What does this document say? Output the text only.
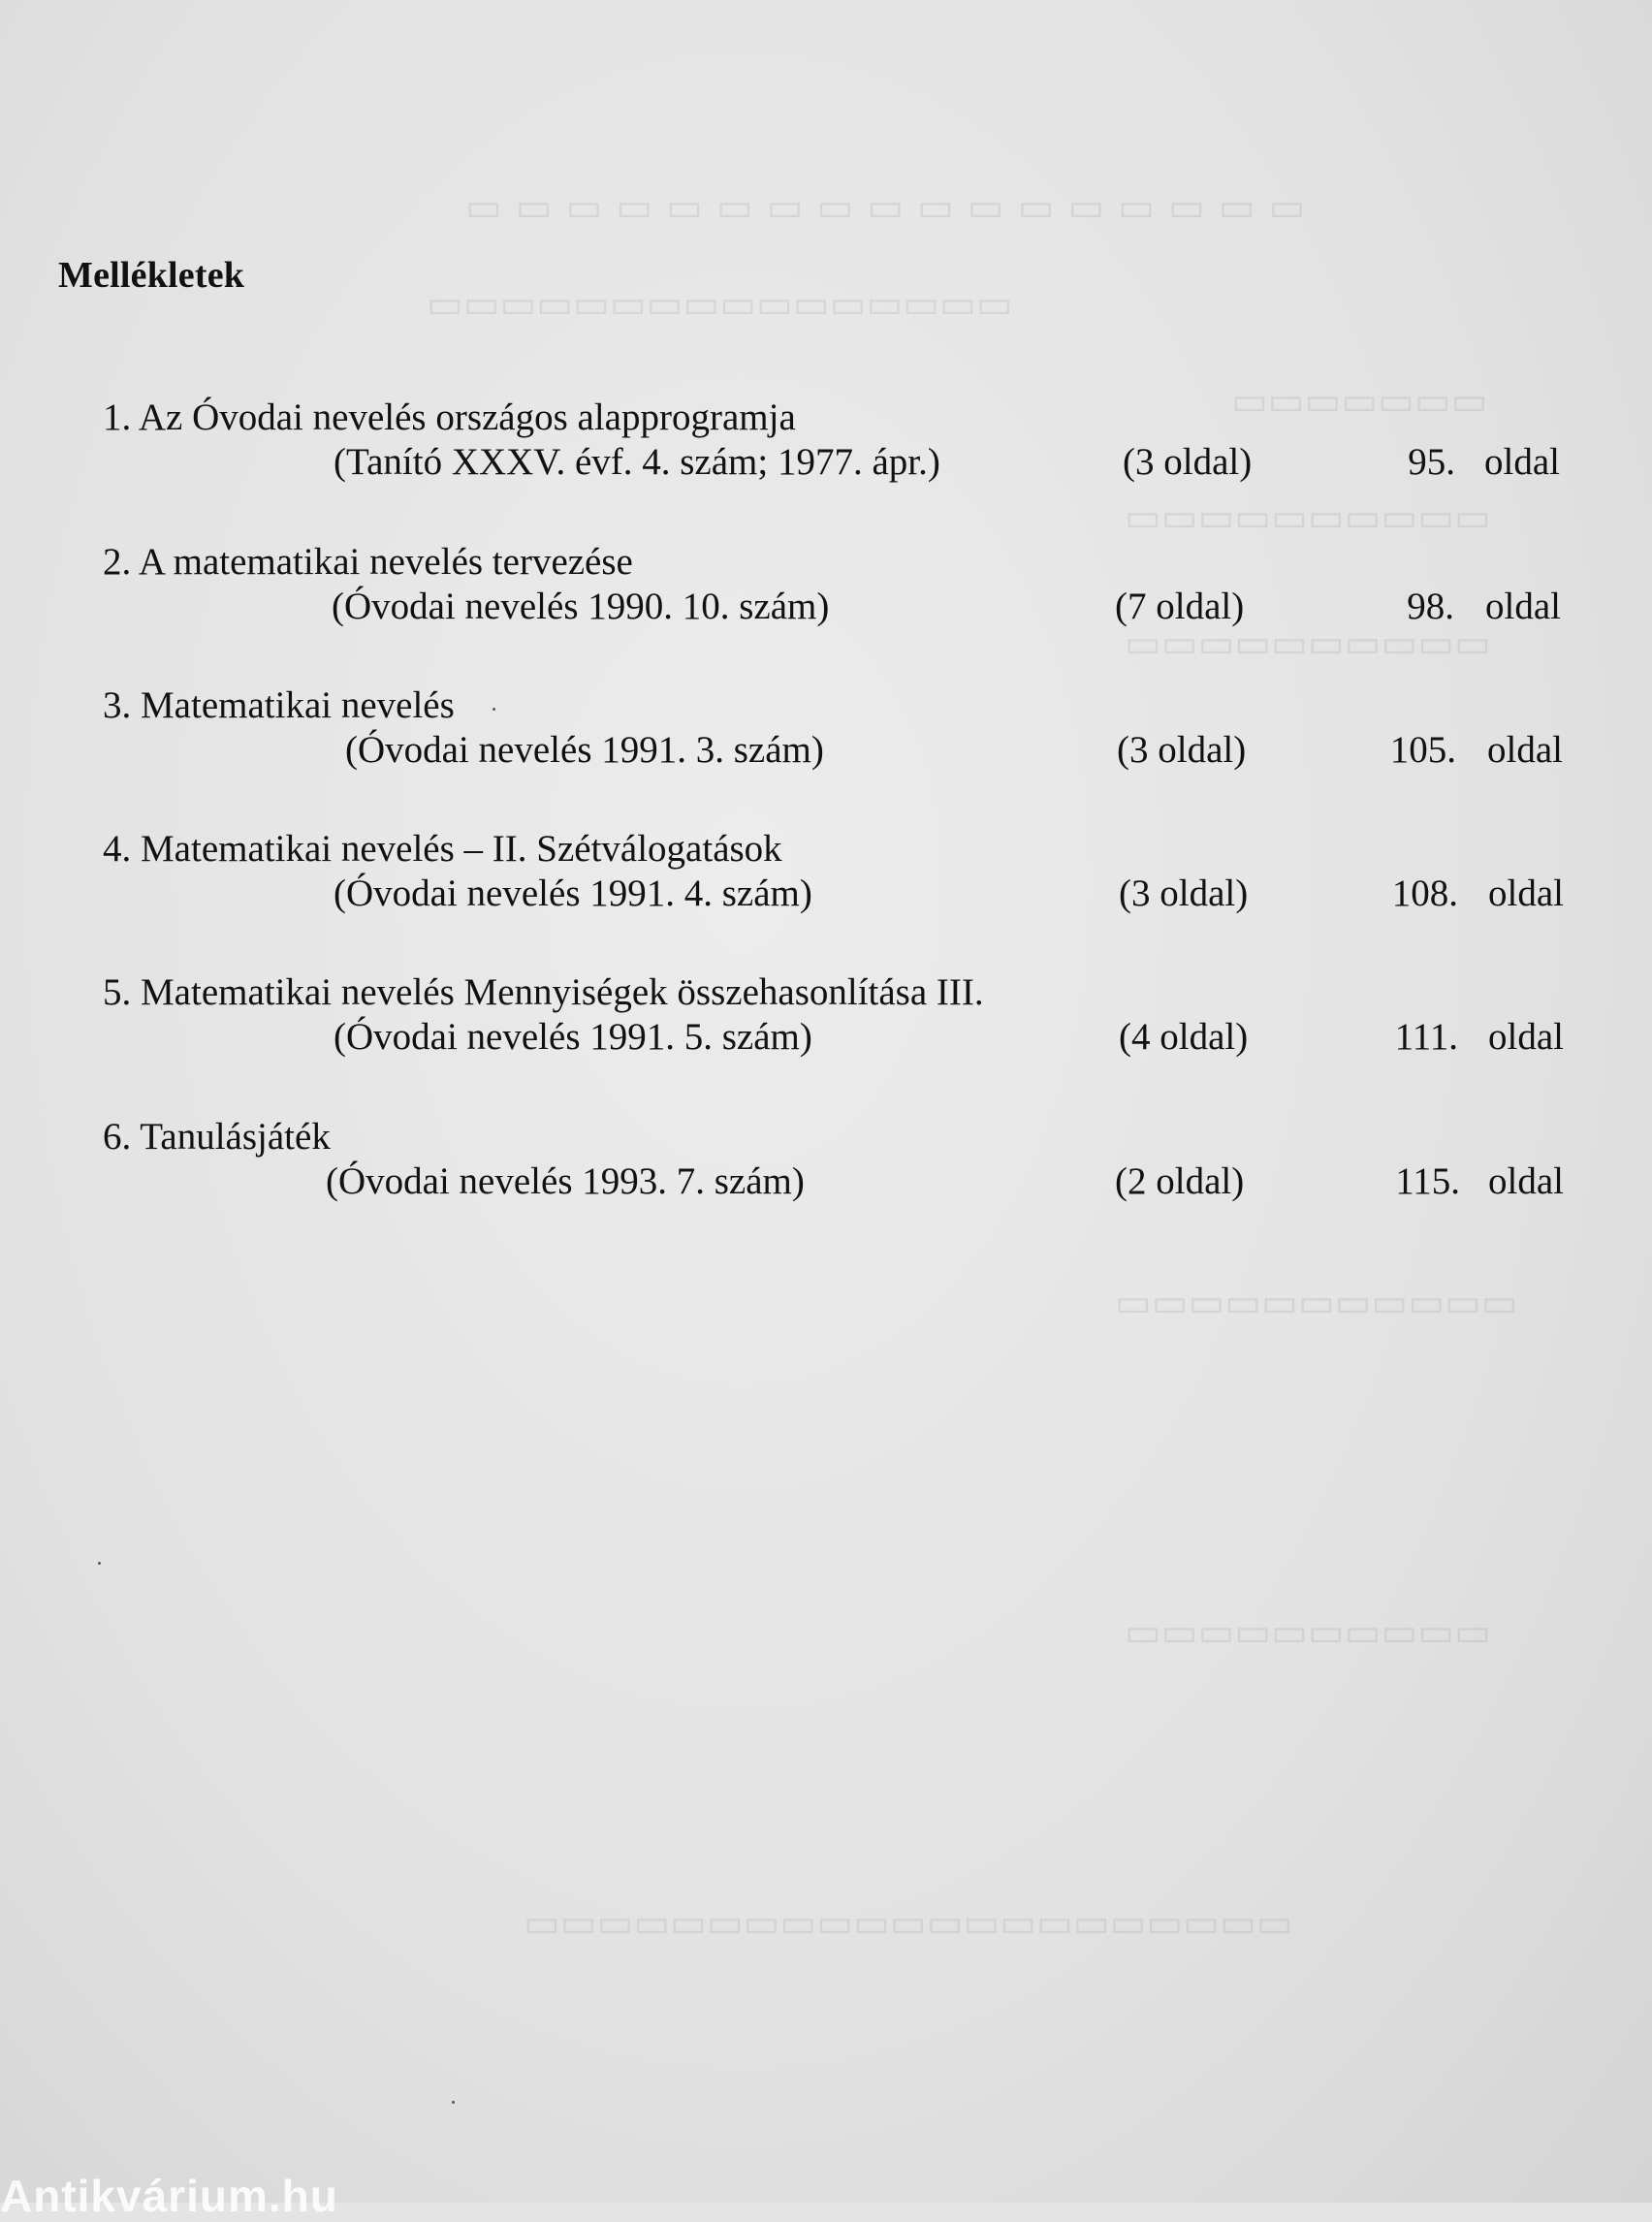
▭▭▭▭▭▭▭▭▭▭▭▭▭▭▭▭▭
▭▭▭▭▭▭▭▭▭▭▭▭▭▭▭▭
▭▭▭▭▭▭▭
▭▭▭▭▭▭▭▭▭▭
▭▭▭▭▭▭▭▭▭▭
▭▭▭▭▭▭▭▭▭▭▭
▭▭▭▭▭▭▭▭▭▭
▭▭▭▭▭▭▭▭▭▭▭▭▭▭▭▭▭▭▭▭▭
Mellékletek
1. Az Óvodai nevelés országos alapprogramja
(Tanító XXXV. évf. 4. szám; 1977. ápr.)	(3 oldal)	95. oldal
2. A matematikai nevelés tervezése
(Óvodai nevelés 1990. 10. szám)	(7 oldal)	98. oldal
3. Matematikai nevelés
(Óvodai nevelés 1991. 3. szám)	(3 oldal)	105. oldal
4. Matematikai nevelés – II. Szétválogatások
(Óvodai nevelés 1991. 4. szám)	(3 oldal)	108. oldal
5. Matematikai nevelés Mennyiségek összehasonlítása III.
(Óvodai nevelés 1991. 5. szám)	(4 oldal)	111. oldal
6. Tanulásjáték
(Óvodai nevelés 1993. 7. szám)	(2 oldal)	115. oldal
Antikvárium.hu
